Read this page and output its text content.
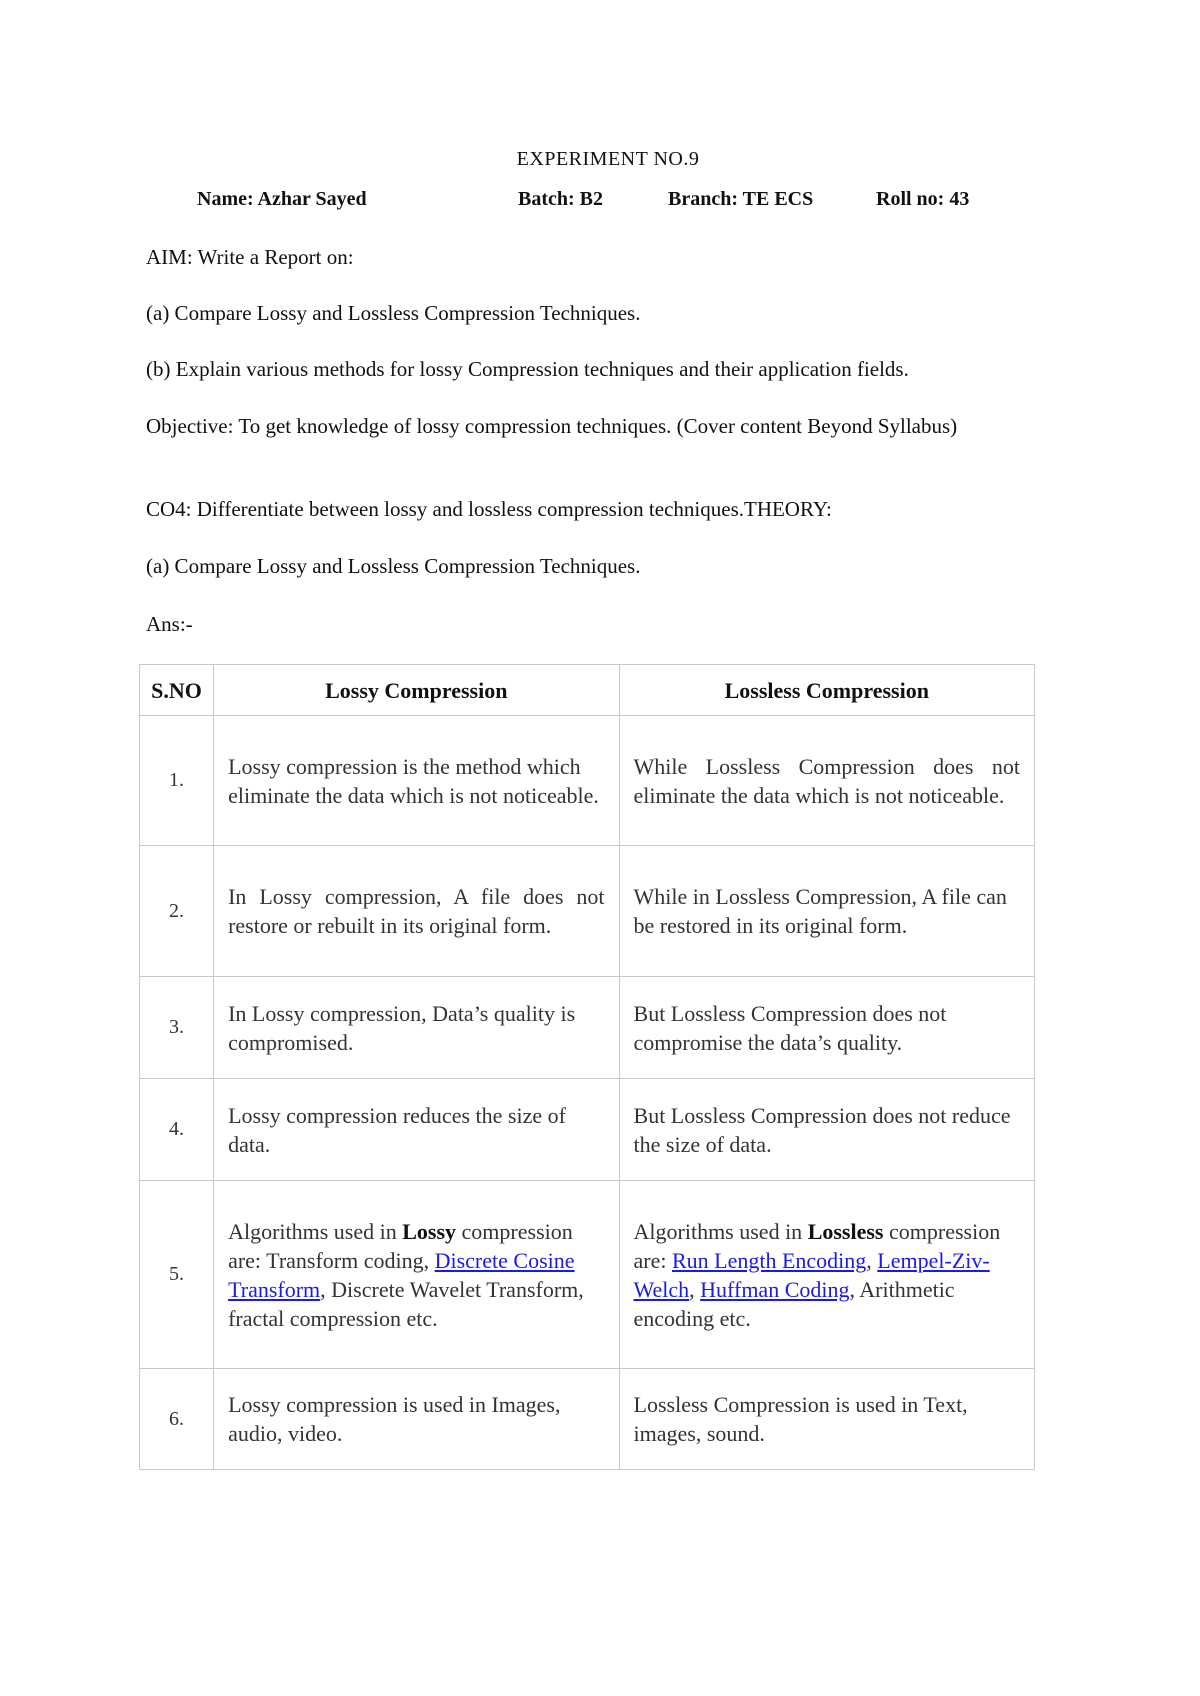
EXPERIMENT NO.9
Name: Azhar Sayed	Batch: B2	Branch: TE ECS	Roll no: 43
AIM: Write a Report on:
(a) Compare Lossy and Lossless Compression Techniques.
(b) Explain various methods for lossy Compression techniques and their application fields.
Objective: To get knowledge of lossy compression techniques. (Cover content Beyond Syllabus)
CO4: Differentiate between lossy and lossless compression techniques.THEORY:
(a) Compare Lossy and Lossless Compression Techniques.
Ans:-
S.NO	Lossy Compression	Lossless Compression
1.	Lossy compression is the method which eliminate the data which is not noticeable.	While Lossless Compression does not eliminate the data which is not noticeable.
2.	In Lossy compression, A file does not restore or rebuilt in its original form.	While in Lossless Compression, A file can be restored in its original form.
3.	In Lossy compression, Data’s quality is compromised.	But Lossless Compression does not compromise the data’s quality.
4.	Lossy compression reduces the size of data.	But Lossless Compression does not reduce the size of data.
5.	Algorithms used in Lossy compression are: Transform coding, Discrete Cosine Transform, Discrete Wavelet Transform, fractal compression etc.	Algorithms used in Lossless compression are: Run Length Encoding, Lempel-Ziv-Welch, Huffman Coding, Arithmetic encoding etc.
6.	Lossy compression is used in Images, audio, video.	Lossless Compression is used in Text, images, sound.
